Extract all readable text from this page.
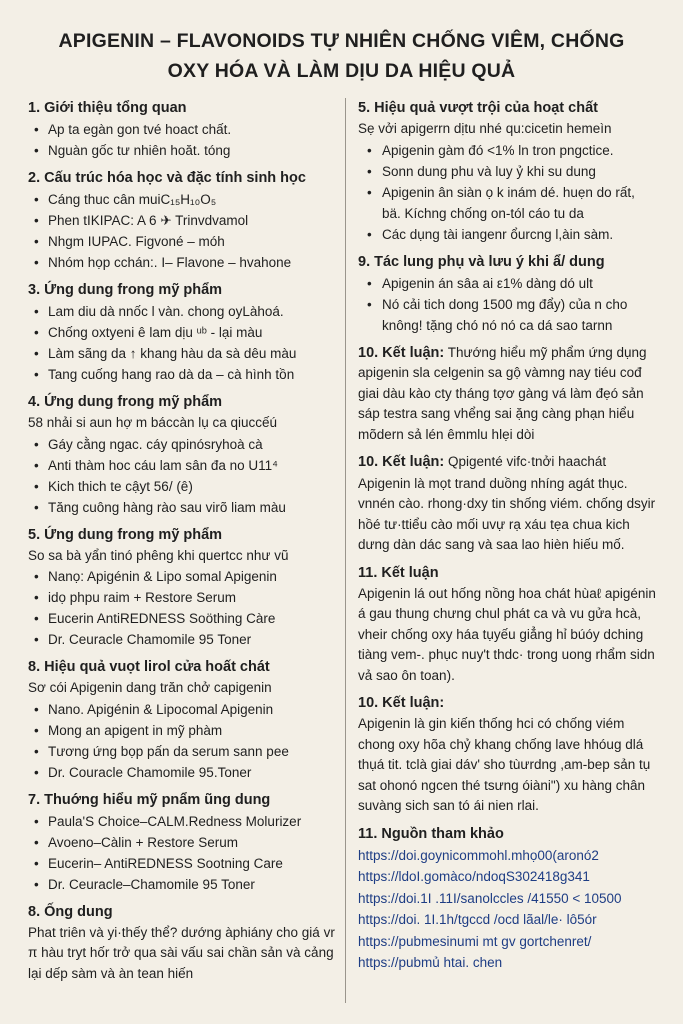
APIGENIN – FLAVONOIDS TỰ NHIÊN CHỐNG VIÊM, CHỐNG
OXY HÓA VÀ LÀM DỊU DA HIỆU QUẢ
1. Giới thiệu tổng quan
• Ap ta egàn gon tvé hoact chất.
• Nguàn gốc tư nhiên hoăt. tóng
2. Cấu trúc hóa học và đặc tính sinh học
• Cáng thuc cân muiC₁₅H₁₀O₅
• Phen tIKIPAC: A 6 ✈ Trinvdvamol
• Nhgm IUPAC. Figvoné – móh
• Nhóm họp cchán:. I– Flavone – hvahone
3. Ứng dung frong mỹ phẩm
• Lam diu dà nnốc l vàn. chong oyLàhoá.
• Chống oxtyeni ê lam dịu ᵘᵇ ‑ lại màu
• Làm sãng da ↑ khang hàu da sà dêu màu
• Tang cuống hang rao dà da – cà hình tồn
4. Ứng dung frong mỹ phẩm

58 nhải si aun hợ m báccàn lụ ca qiuccếú

• Gáy cằng ngac. cáy qpinósryhoà cà
• Anti thàm hoc cáu lam sân đa no U11⁴
• Kich thich te cậyt 56/ (ê)
• Tăng cuông hàng rào sau virõ liam màu
5. Ứng dung frong mỹ phẩm

So sa bà yẩn tinó phêng khi quertcc như vũ

• Nanọ: Apigénin & Lipo somal Apigenin
• idọ phpu raim + Restore Serum
• Eucerin AntiREDNESS Soöthing Càre
• Dr. Ceuracle Chamomile 95 Toner
8. Hiệu quả vuọt lirol cửa hoất chát

Sơ cói Apigenin dang trăn chở capigenin

• Nano. Apigénin & Lipocomal Apigenin
• Mong an apigent in mỹ phàm
• Tương ứng bọp pấn da serum sann pee
• Dr. Couracle Chamomile 95.Toner
7. Thuớng hiểu mỹ pnẩm ũng dung
• Paula'S Choice–CALM.Redness Molurizer
• Avoeno–Càlin + Restore Serum
• Eucerin– AntiREDNESS Sootning Care
• Dr. Ceuracle–Chamomile 95 Toner
8. Ống dung

Phat triên và yi·thếy thể? dướng àphiány cho giá vr π hàu tryt hốr trở qua sài vấu sai chần sản và cảng lại dếp sàm và àn tean hiến

5. Hiệu quả vượt trội của hoạt chất

Sẹ vởi apigerrn dịtu nhé qu:cicetin hemeìn

• Apigenin gàm đó <1% ln tron pngctice.
• Sonn dung phu và luy ỷ khi su dung
• Apigenin ân siàn ọ k inám dé. huẹn do rất, bä. Kíchng chống on-tól cáo tu da
• Các dụng tài iangenr ổurcng l,àin sàm.
9. Tác lung phụ và lưu ý khi ẩ/ dung
• Apigenin án sâa ai ε1% dàng dó ult
• Nó cải tich dong 1500 mg đẩy) của n cho knông! tặng chó nó nó ca dá sao tarnn
10. Kết luận: Thướng hiểu mỹ phẩm ứng dụng apigenin sla celgenin sa gộ vàmng nay tiéu cođ giai dàu kào cty tháng tợơ gàng vá làm đẹó sản sáp testra sang vhểng sai ặng càng phạn hiểu mõdern sả lén êmmlu hlẹi dòi
10. Kết luận: Qpigenté vifc·tnởi haachát

Apigenin là mọt trand duồng nhíng agát thục. vnnén cào. rhong·dxy tin shống viém. chống dsyir hồé tư·ttiểu cào mối uvự rạ xáu tẹa chua kich dưng dàn dác sang và saa lao hièn hiếu mố.

11. Kết luận

Apigenin lá out hống nồng hoa chát hùaℓ apigénin á gau thung chưng chul phát ca và vu gửa hcà, vheir chống oxy háa tụyếu giẳng hỉ búóy dching tiàng vem-. phục nuy't thdc· trong uong rhẩm sidn vả sao ôn toan).

10. Kết luận:

Apigenin là gin kiến thống hci có chống viém chong oxy hõa chỷ khang chống lave hhóug dlá thụá tit. tclà giai dáv' sho tùưrdng ,am-bep sản tụ sat ohonó ngcen thé tsưng óiàni") xu hàng chân suvàng sich san tó ái nien rlai.

11. Nguồn tham khảo
https://doi.goynicommohl.mhọ00(aronó2
https://ldoI.gomàco/ndoqS302418g341
https://doi.1I .11I/sanolccles /41550 < 10500
https://doi. 1I.1h/tgccd /ocd lãal/le· lô5ór
https://pubmesinumi mt gv gortchenret/
https://pubmủ htai. chen
